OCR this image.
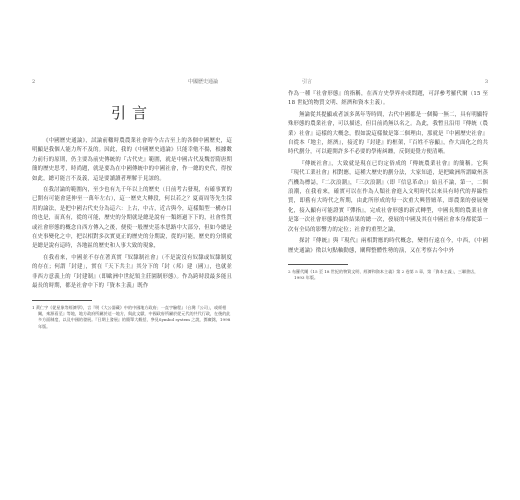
2	中國歷史通論
引言

《中國歷史通論》，試論前轍時農農業社會時今古古至上的各個中國歷史，這明顯是我個人能力所不及的。因此，我的《中國歷史通論》只能幸勉不揚，根據數力前行的原則，仍主要為前史傳統的『古代史』範圍，就是中國古代及魏晉隋唐期簡的歷史思考，時尚題，就是要為在中國傳統中的中國社會，作一總的史代，得按如此，總可能言不及義，這是要讀讀者理解于見諒的。

在我討論的範圍內，至少也有九千年以上的歷史（日前考古發現，有確事實的已開有可能會延伸至一萬年左右），這一歷史大轉段，何以若之？夏商周等先生採用的論法，是把中國古代史分為這六：上古，中古，近古與今，這樣類型一構亦目的也是，而真有，從的可能，歷史的分期就是總是說有一類經過下下的，社會性質或社會形態的概念自西方傳入之後，便使一般歷史基本思路中大部分，但如今總是在史事變化之中，把以相對多次實更正的歷史的分期說，從的可能，歷史的分期就是總是說有這時，各地區的歷史和人事大致的現象，

在我看來，中國並不存在著真實『奴隸制社會』（不是說沒有奴隸或奴隸制度的存在；何謂「封建」，實在『天下共主』其分下的『封（邦）建（國）』，也就並非西方意義上的『封建制』（即歐洲中世紀領主莊園制形態）。作為跨時段最多能且最長的時期，都是社會中下的『資本主義』既作

1 黃仁宇《從星象等經濟學》，言『明《大公器藏》中的中國地方政府」一直宇驗程』（台灣『公司」，或經相關，來源看至』等地，地方政府所屬於這一地方，與此文獻，中國政府所屬於從元代的共代行政，在後的此多方面制度，以及中國的發展。『日期上發展』的簡單大概括，參見Symbol system 之說，鄧廣銘，1998 年版。

引言	3

作為一種『社會形態』的指稱，在西方史學界亦成問題，可詳參考羅代爾（15 至 18 世紀的物質文明、經濟和資本主義）。

無論從其提顯或者該多萬年等時間，古代中國都是一個獨一無二，具有明顯特殊形態的農業社會，可以描述，但目前尚無以名之。為此，我暫且沿用『傳統（農業）社會』這樣的大概念，假如說這樣做是第二個理由，那就是『中國歷史社會』自從本『地主，經濟』，接近的『封建』的框架，『百姓不容顯』，作大面化之的共時代劃分，可以避開許多不必要的學術糾纏，反倒更覺方便清晰。

『傳統社會』，大致就是現在已約定俗成的『傳統農業社會』的簡稱。它與『現代工業社會』相對應，這種大歷史的劃分法，大家知道，是把歐洲所謂歐州蒸汽機為標誌，『二次浪潮』，『三次浪潮』（即『信息革命』）始且不論，第一，二個浪潮，在我看來，確實可以在作為人類社會進入文明時代以來具有時代的界線性質，即舊有大時代之所期，由此所形成的每一次重大興替嬗革，即農業的發展變化，接入顯有可能證實『彈指』，完成社會形態的新式轉型，中國長期的農業社會是第一次社會形態的最終結果的總一次，發展的中國及其在中國社會本身都從第一次有全局的影響力的定位；社會的重塑之論，

探討『傳統』與『現代』兩相對應的時代概念，變得行遠在今，中西，《中國歷史通論》徵以句點軸動態，闡釋整體性勢的演，又在考察古今中外

2 布羅代爾《15 至 18 世紀的物質文明、經濟和資本主義》第 2 卷第 5 章，第「資本主義」，三聯書店，1993 年版。
